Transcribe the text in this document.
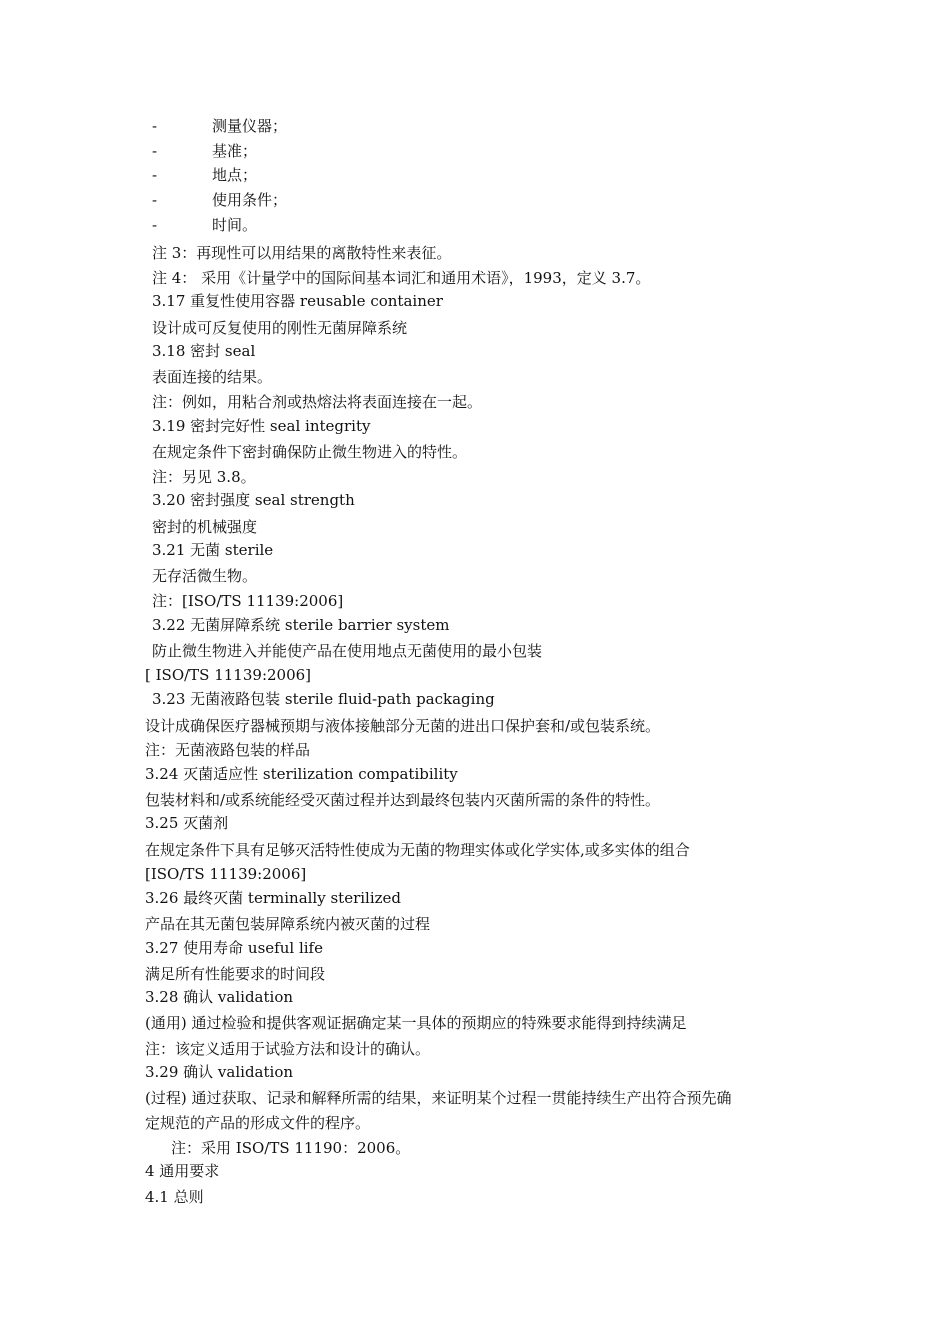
-	测量仪器；
-	基准；
-	地点；
-	使用条件；
-	时间。
注 3：再现性可以用结果的离散特性来表征。
注 4： 采用《计量学中的国际间基本词汇和通用术语》，1993，定义 3.7。
3.17 重复性使用容器 reusable container
设计成可反复使用的刚性无菌屏障系统
3.18 密封 seal
表面连接的结果。
注：例如，用粘合剂或热熔法将表面连接在一起。
3.19 密封完好性 seal integrity
在规定条件下密封确保防止微生物进入的特性。
注：另见 3.8。
3.20 密封强度 seal strength
密封的机械强度
3.21 无菌 sterile
无存活微生物。
注：[ISO/TS 11139:2006]
3.22 无菌屏障系统 sterile barrier system
防止微生物进入并能使产品在使用地点无菌使用的最小包装
[ ISO/TS 11139:2006]
3.23 无菌液路包装 sterile fluid-path packaging
设计成确保医疗器械预期与液体接触部分无菌的进出口保护套和/或包装系统。
注：无菌液路包装的样品
3.24 灭菌适应性 sterilization compatibility
包装材料和/或系统能经受灭菌过程并达到最终包装内灭菌所需的条件的特性。
3.25 灭菌剂
在规定条件下具有足够灭活特性使成为无菌的物理实体或化学实体,或多实体的组合
[ISO/TS 11139:2006]
3.26 最终灭菌 terminally sterilized
产品在其无菌包装屏障系统内被灭菌的过程
3.27 使用寿命 useful life
满足所有性能要求的时间段
3.28 确认 validation
(通用) 通过检验和提供客观证据确定某一具体的预期应的特殊要求能得到持续满足
注：该定义适用于试验方法和设计的确认。
3.29 确认 validation
(过程) 通过获取、记录和解释所需的结果，来证明某个过程一贯能持续生产出符合预先确
定规范的产品的形成文件的程序。
注：采用 ISO/TS 11190：2006。
4 通用要求
4.1 总则
